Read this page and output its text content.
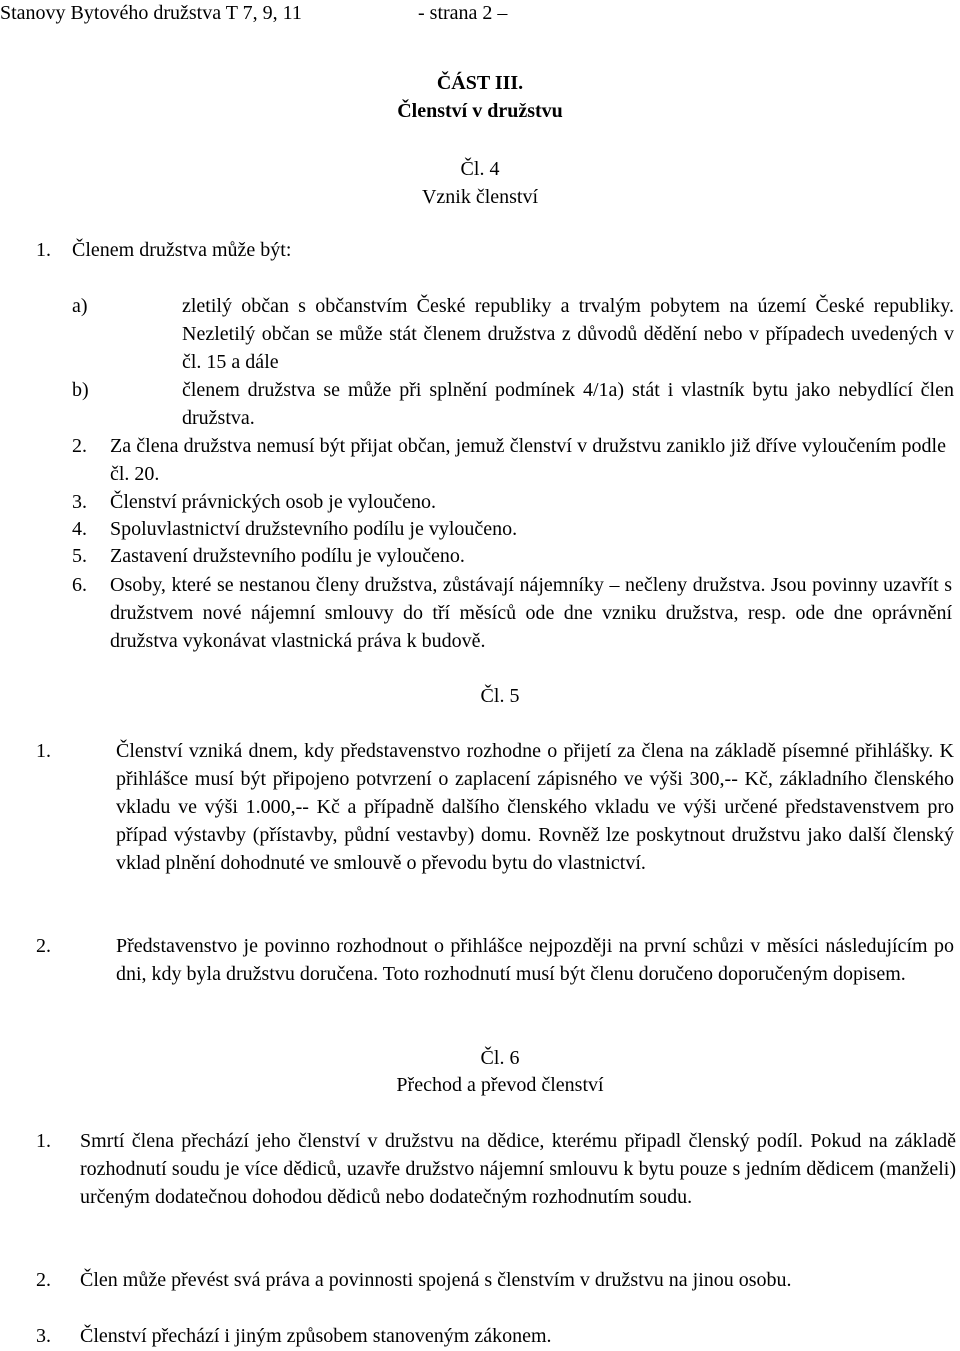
Stanovy Bytového družstva T 7, 9, 11	- strana 2 –
ČÁST III.
Členství v družstvu
Čl. 4
Vznik členství
1. Členem družstva může být:
a)	zletilý občan s občanstvím České republiky a trvalým pobytem na území České republiky. Nezletilý občan se může stát členem družstva z důvodů dědění nebo v případech uvedených v čl. 15 a dále

b)	členem družstva se může při splnění podmínek 4/1a) stát i vlastník bytu jako nebydlící člen družstva.

2. Za člena družstva nemusí být přijat občan, jemuž členství v družstvu zaniklo již dříve vyloučením podle čl. 20.

3. Členství právnických osob je vyloučeno.
4. Spoluvlastnictví družstevního podílu je vyloučeno.
5. Zastavení družstevního podílu je vyloučeno.
6. Osoby, které se nestanou členy družstva, zůstávají nájemníky – nečleny družstva. Jsou povinny uzavřít s družstvem nové nájemní smlouvy do tří měsíců ode dne vzniku družstva, resp. ode dne oprávnění družstva vykonávat vlastnická práva k budově.

Čl. 5
1.	Členství vzniká dnem, kdy představenstvo rozhodne o přijetí za člena na základě písemné přihlášky. K přihlášce musí být připojeno potvrzení o zaplacení zápisného ve výši 300,-- Kč, základního členského vkladu ve výši 1.000,-- Kč a případně dalšího členského vkladu ve výši určené představenstvem pro případ výstavby (přístavby, půdní vestavby) domu. Rovněž lze poskytnout družstvu jako další členský vklad plnění dohodnuté ve smlouvě o převodu bytu do vlastnictví.

2.	Představenstvo je povinno rozhodnout o přihlášce nejpozději na první schůzi v měsíci následujícím po dni, kdy byla družstvu doručena. Toto rozhodnutí musí být členu doručeno doporučeným dopisem.

Čl. 6
Přechod a převod členství
1. Smrtí člena přechází jeho členství v družstvu na dědice, kterému připadl členský podíl. Pokud na základě rozhodnutí soudu je více dědiců, uzavře družstvo nájemní smlouvu k bytu pouze s jedním dědicem (manželi) určeným dodatečnou dohodou dědiců nebo dodatečným rozhodnutím soudu.

2. Člen může převést svá práva a povinnosti spojená s členstvím v družstvu na jinou osobu.
3. Členství přechází i jiným způsobem stanoveným zákonem.
